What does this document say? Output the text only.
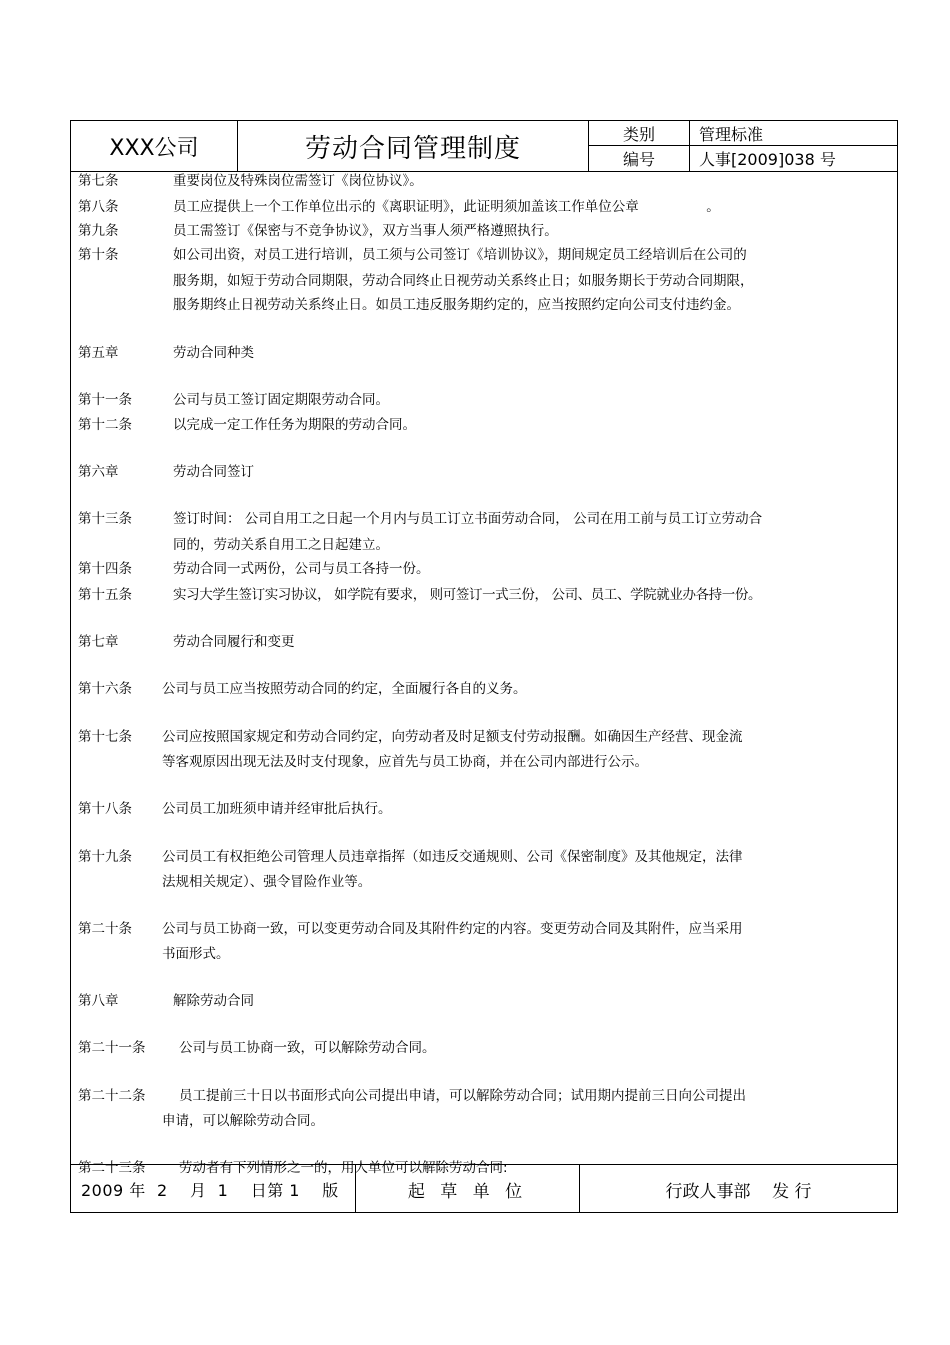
XXX公司	劳动合同管理制度	类别	管理标准
编号	人事[2009]038 号
第七条	重要岗位及特殊岗位需签订《岗位协议》。
第八条	员工应提供上一个工作单位出示的《离职证明》，此证明须加盖该工作单位公章　　　　　。
第九条	员工需签订《保密与不竞争协议》，双方当事人须严格遵照执行。
第十条	如公司出资，对员工进行培训，员工须与公司签订《培训协议》，期间规定员工经培训后在公司的
服务期，如短于劳动合同期限，劳动合同终止日视劳动关系终止日；如服务期长于劳动合同期限，
服务期终止日视劳动关系终止日。如员工违反服务期约定的，应当按照约定向公司支付违约金。
第五章	劳动合同种类
第十一条	公司与员工签订固定期限劳动合同。
第十二条	以完成一定工作任务为期限的劳动合同。
第六章	劳动合同签订
第十三条	签订时间： 公司自用工之日起一个月内与员工订立书面劳动合同， 公司在用工前与员工订立劳动合
同的，劳动关系自用工之日起建立。
第十四条	劳动合同一式两份，公司与员工各持一份。
第十五条	实习大学生签订实习协议， 如学院有要求， 则可签订一式三份， 公司、员工、学院就业办各持一份。
第七章	劳动合同履行和变更
第十六条 公司与员工应当按照劳动合同的约定，全面履行各自的义务。
第十七条 公司应按照国家规定和劳动合同约定，向劳动者及时足额支付劳动报酬。如确因生产经营、现金流
等客观原因出现无法及时支付现象，应首先与员工协商，并在公司内部进行公示。
第十八条 公司员工加班须申请并经审批后执行。
第十九条 公司员工有权拒绝公司管理人员违章指挥（如违反交通规则、公司《保密制度》及其他规定，法律
法规相关规定）、强令冒险作业等。
第二十条 公司与员工协商一致，可以变更劳动合同及其附件约定的内容。变更劳动合同及其附件，应当采用
书面形式。
第八章	解除劳动合同
第二十一条 公司与员工协商一致，可以解除劳动合同。
第二十二条 员工提前三十日以书面形式向公司提出申请，可以解除劳动合同；试用期内提前三日向公司提出
申请，可以解除劳动合同。
第二十三条 劳动者有下列情形之一的，用人单位可以解除劳动合同:
2009 年  2    月  1    日第 1    版	起 草 单 位	行政人事部    发 行
